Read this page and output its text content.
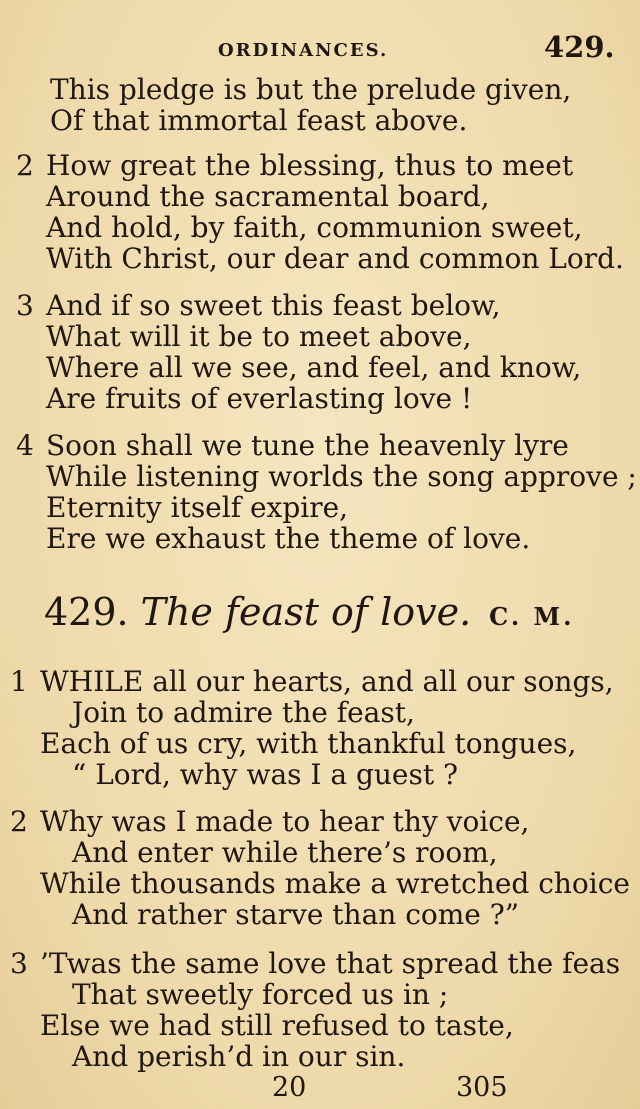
ORDINANCES.	429.
This pledge is but the prelude given,
Of that immortal feast above.
2 How great the blessing, thus to meet
Around the sacramental board,
And hold, by faith, communion sweet,
With Christ, our dear and common Lord.
3 And if so sweet this feast below,
What will it be to meet above,
Where all we see, and feel, and know,
Are fruits of everlasting love !
4 Soon shall we tune the heavenly lyre
While listening worlds the song approve ;
Eternity itself expire,
Ere we exhaust the theme of love.
429. The feast of love. C. M.
1 WHILE all our hearts, and all our songs,
Join to admire the feast,
Each of us cry, with thankful tongues,
“ Lord, why was I a guest ?
2 Why was I made to hear thy voice,
And enter while there’s room,
While thousands make a wretched choice
And rather starve than come ?”
3 ’Twas the same love that spread the feas
That sweetly forced us in ;
Else we had still refused to taste,
And perish’d in our sin.
20	305
